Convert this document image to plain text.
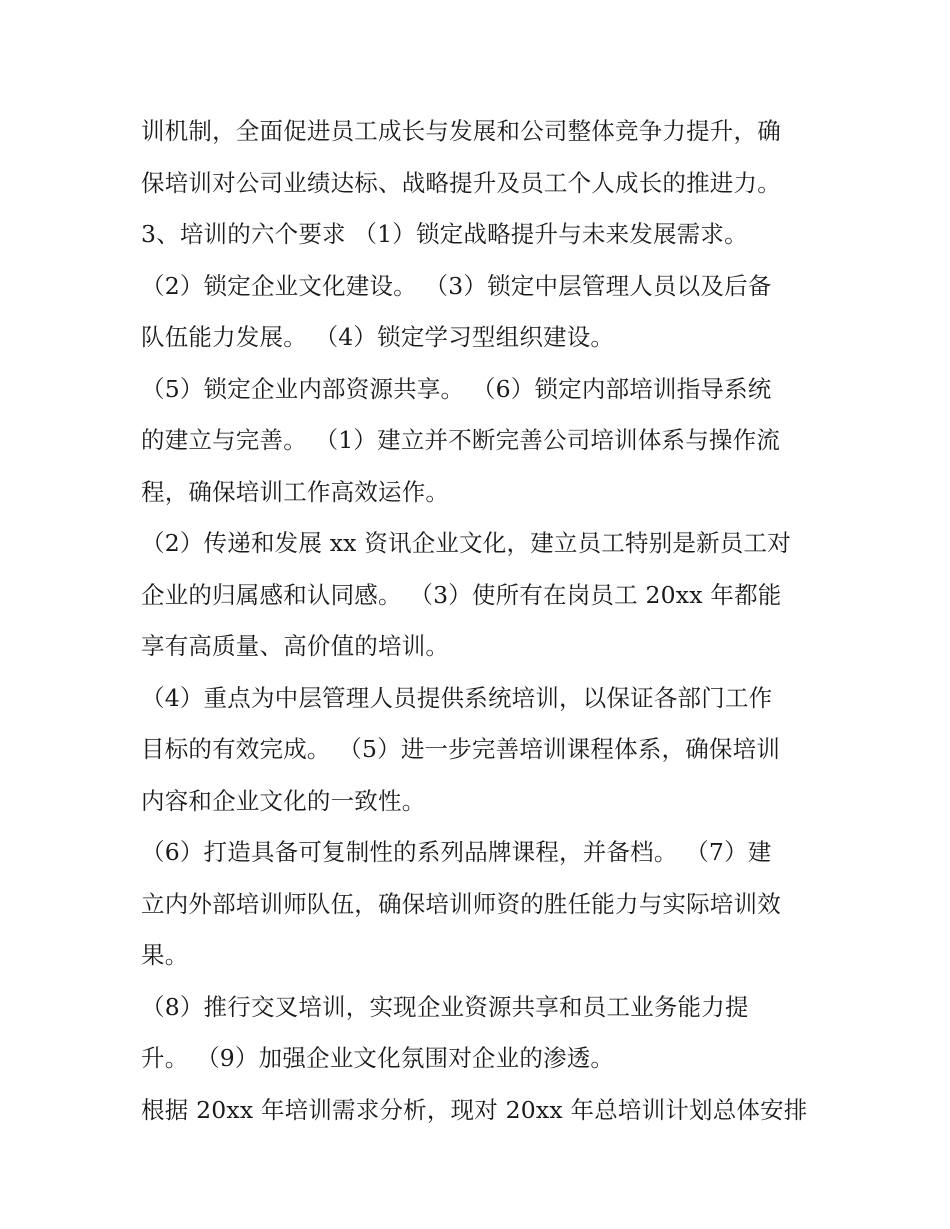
训机制，全面促进员工成长与发展和公司整体竞争力提升，确
保培训对公司业绩达标、战略提升及员工个人成长的推进力。
3、培训的六个要求 （1）锁定战略提升与未来发展需求。
（2）锁定企业文化建设。 （3）锁定中层管理人员以及后备
队伍能力发展。 （4）锁定学习型组织建设。
（5）锁定企业内部资源共享。 （6）锁定内部培训指导系统
的建立与完善。 （1）建立并不断完善公司培训体系与操作流
程，确保培训工作高效运作。
（2）传递和发展 xx 资讯企业文化，建立员工特别是新员工对
企业的归属感和认同感。 （3）使所有在岗员工 20xx 年都能
享有高质量、高价值的培训。
（4）重点为中层管理人员提供系统培训，以保证各部门工作
目标的有效完成。 （5）进一步完善培训课程体系，确保培训
内容和企业文化的一致性。
（6）打造具备可复制性的系列品牌课程，并备档。 （7）建
立内外部培训师队伍，确保培训师资的胜任能力与实际培训效
果。
（8）推行交叉培训，实现企业资源共享和员工业务能力提
升。 （9）加强企业文化氛围对企业的渗透。
根据 20xx 年培训需求分析，现对 20xx 年总培训计划总体安排
